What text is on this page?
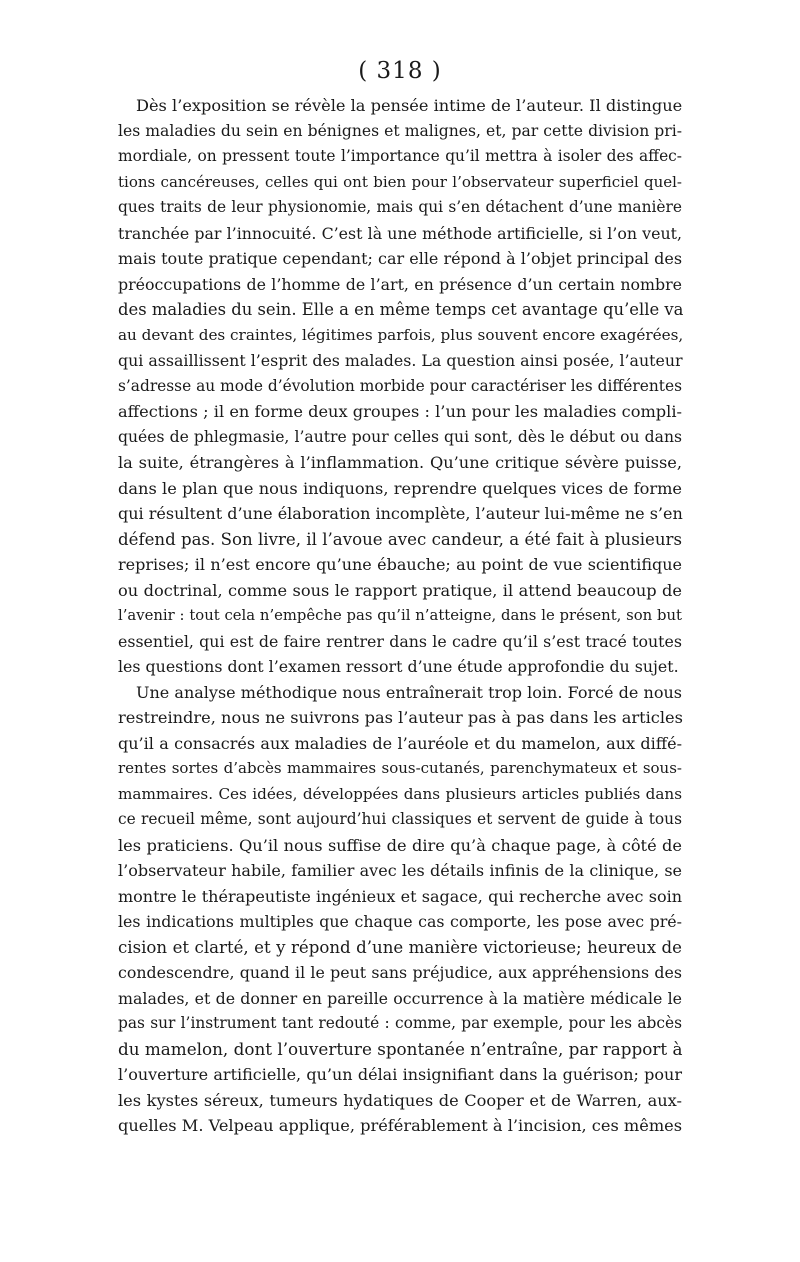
( 318 )
Dès l’exposition se révèle la pensée intime de l’auteur. Il distingue
les maladies du sein en bénignes et malignes, et, par cette division pri-
mordiale, on pressent toute l’importance qu’il mettra à isoler des affec-
tions cancéreuses, celles qui ont bien pour l’observateur superficiel quel-
ques traits de leur physionomie, mais qui s’en détachent d’une manière
tranchée par l’innocuité. C’est là une méthode artificielle, si l’on veut,
mais toute pratique cependant; car elle répond à l’objet principal des
préoccupations de l’homme de l’art, en présence d’un certain nombre
des maladies du sein. Elle a en même temps cet avantage qu’elle va
au devant des craintes, légitimes parfois, plus souvent encore exagérées,
qui assaillissent l’esprit des malades. La question ainsi posée, l’auteur
s’adresse au mode d’évolution morbide pour caractériser les différentes
affections ; il en forme deux groupes : l’un pour les maladies compli-
quées de phlegmasie, l’autre pour celles qui sont, dès le début ou dans
la suite, étrangères à l’inflammation. Qu’une critique sévère puisse,
dans le plan que nous indiquons, reprendre quelques vices de forme
qui résultent d’une élaboration incomplète, l’auteur lui-même ne s’en
défend pas. Son livre, il l’avoue avec candeur, a été fait à plusieurs
reprises; il n’est encore qu’une ébauche; au point de vue scientifique
ou doctrinal, comme sous le rapport pratique, il attend beaucoup de
l’avenir : tout cela n’empêche pas qu’il n’atteigne, dans le présent, son but
essentiel, qui est de faire rentrer dans le cadre qu’il s’est tracé toutes
les questions dont l’examen ressort d’une étude approfondie du sujet.
Une analyse méthodique nous entraînerait trop loin. Forcé de nous
restreindre, nous ne suivrons pas l’auteur pas à pas dans les articles
qu’il a consacrés aux maladies de l’auréole et du mamelon, aux diffé-
rentes sortes d’abcès mammaires sous-cutanés, parenchymateux et sous-
mammaires. Ces idées, développées dans plusieurs articles publiés dans
ce recueil même, sont aujourd’hui classiques et servent de guide à tous
les praticiens. Qu’il nous suffise de dire qu’à chaque page, à côté de
l’observateur habile, familier avec les détails infinis de la clinique, se
montre le thérapeutiste ingénieux et sagace, qui recherche avec soin
les indications multiples que chaque cas comporte, les pose avec pré-
cision et clarté, et y répond d’une manière victorieuse; heureux de
condescendre, quand il le peut sans préjudice, aux appréhensions des
malades, et de donner en pareille occurrence à la matière médicale le
pas sur l’instrument tant redouté : comme, par exemple, pour les abcès
du mamelon, dont l’ouverture spontanée n’entraîne, par rapport à
l’ouverture artificielle, qu’un délai insignifiant dans la guérison; pour
les kystes séreux, tumeurs hydatiques de Cooper et de Warren, aux-
quelles M. Velpeau applique, préférablement à l’incision, ces mêmes
